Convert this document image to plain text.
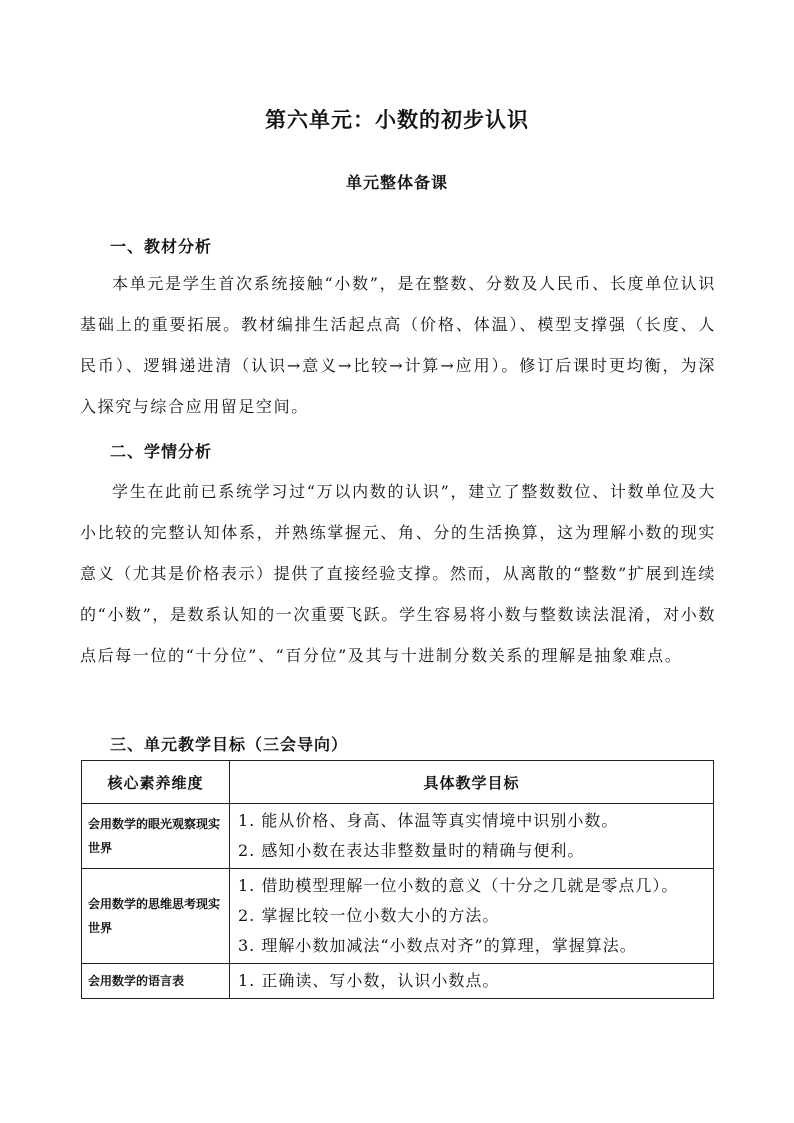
第六单元：小数的初步认识
单元整体备课
一、教材分析

本单元是学生首次系统接触“小数”，是在整数、分数及人民币、长度单位认识基础上的重要拓展。教材编排生活起点高（价格、体温）、模型支撑强（长度、人民币）、逻辑递进清（认识→意义→比较→计算→应用）。修订后课时更均衡，为深入探究与综合应用留足空间。

二、学情分析

学生在此前已系统学习过“万以内数的认识”，建立了整数数位、计数单位及大小比较的完整认知体系，并熟练掌握元、角、分的生活换算，这为理解小数的现实意义（尤其是价格表示）提供了直接经验支撑。然而，从离散的“整数”扩展到连续的“小数”，是数系认知的一次重要飞跃。学生容易将小数与整数读法混淆，对小数点后每一位的“十分位”、“百分位”及其与十进制分数关系的理解是抽象难点。

三、单元教学目标（三会导向）
核心素养维度	具体教学目标
会用数学的眼光观察现实世界	1. 能从价格、身高、体温等真实情境中识别小数。
2. 感知小数在表达非整数量时的精确与便利。

会用数学的思维思考现实世界	1. 借助模型理解一位小数的意义（十分之几就是零点几）。
2. 掌握比较一位小数大小的方法。
3. 理解小数加减法“小数点对齐”的算理，掌握算法。

会用数学的语言表	1. 正确读、写小数，认识小数点。
